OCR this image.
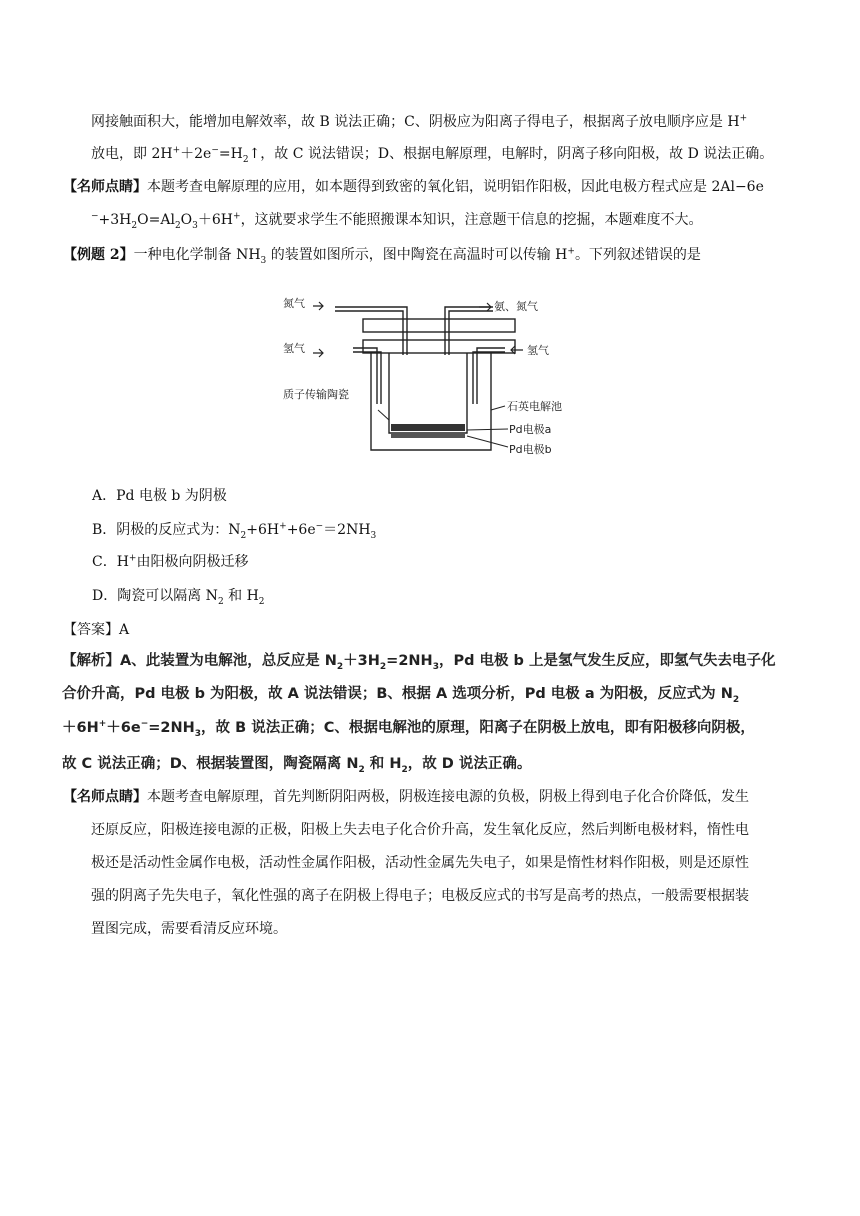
网接触面积大，能增加电解效率，故 B 说法正确；C、阴极应为阳离子得电子，根据离子放电顺序应是 H+
放电，即 $2H^++2e^-=H_2↑$，故 C 说法错误；D、根据电解原理，电解时，阴离子移向阳极，故 D 说法正确。
【名师点睛】本题考查电解原理的应用，如本题得到致密的氧化铝，说明铝作阳极，因此电极方程式应是 2Al−6e
$^-+3H_2O=Al_2O_3+6H^+$，这就要求学生不能照搬课本知识，注意题干信息的挖掘，本题难度不大。
【例题 2】一种电化学制备 $NH_3$ 的装置如图所示，图中陶瓷在高温时可以传输 H+。下列叙述错误的是
氮气	氨、氮气
氢气	氢气
质子传输陶瓷
石英电解池
Pd电极a
Pd电极b
A．Pd 电极 b 为阴极
B．阴极的反应式为：$N_2+6H^++6e^-=2NH_3$
C．H+由阳极向阴极迁移
D．陶瓷可以隔离 $N_2$ 和 $H_2$
【答案】A
【解析】A、此装置为电解池，总反应是 $N_2+3H_2=2NH_3$，Pd 电极 b 上是氢气发生反应，即氢气失去电子化
合价升高，Pd 电极 b 为阳极，故 A 说法错误；B、根据 A 选项分析，Pd 电极 a 为阳极，反应式为 $N_2$
$+6H^++6e^-=2NH_3$，故 B 说法正确；C、根据电解池的原理，阳离子在阴极上放电，即有阳极移向阴极，
故 C 说法正确；D、根据装置图，陶瓷隔离 $N_2$ 和 $H_2$，故 D 说法正确。
【名师点睛】本题考查电解原理，首先判断阴阳两极，阴极连接电源的负极，阴极上得到电子化合价降低，发生
还原反应，阳极连接电源的正极，阳极上失去电子化合价升高，发生氧化反应，然后判断电极材料，惰性电
极还是活动性金属作电极，活动性金属作阳极，活动性金属先失电子，如果是惰性材料作阳极，则是还原性
强的阴离子先失电子，氧化性强的离子在阴极上得电子；电极反应式的书写是高考的热点，一般需要根据装
置图完成，需要看清反应环境。
